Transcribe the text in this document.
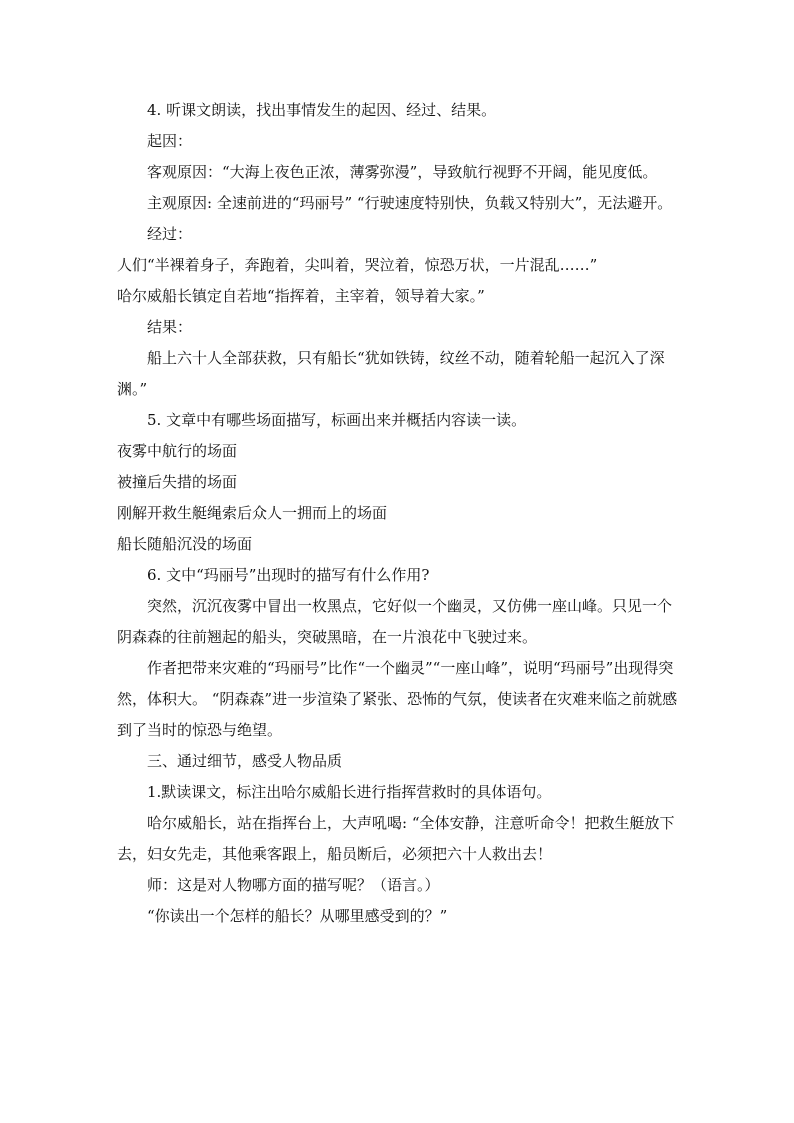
4. 听课文朗读，找出事情发生的起因、经过、结果。

起因：

客观原因：“大海上夜色正浓，薄雾弥漫”，导致航行视野不开阔，能见度低。

主观原因: 全速前进的“玛丽号” “行驶速度特别快，负载又特别大”，无法避开。

经过：

人们“半裸着身子，奔跑着，尖叫着，哭泣着，惊恐万状，一片混乱……”

哈尔威船长镇定自若地“指挥着，主宰着，领导着大家。”

结果：

船上六十人全部获救，只有船长“犹如铁铸，纹丝不动，随着轮船一起沉入了深渊。”

5. 文章中有哪些场面描写，标画出来并概括内容读一读。

夜雾中航行的场面

被撞后失措的场面

刚解开救生艇绳索后众人一拥而上的场面

船长随船沉没的场面

6. 文中“玛丽号”出现时的描写有什么作用?

突然，沉沉夜雾中冒出一枚黑点，它好似一个幽灵，又仿佛一座山峰。只见一个阴森森的往前翘起的船头，突破黑暗，在一片浪花中飞驶过来。

作者把带来灾难的“玛丽号”比作“一个幽灵”“一座山峰”，说明“玛丽号”出现得突然，体积大。 “阴森森”进一步渲染了紧张、恐怖的气氛，使读者在灾难来临之前就感到了当时的惊恐与绝望。

三、通过细节，感受人物品质

1.默读课文，标注出哈尔威船长进行指挥营救时的具体语句。

哈尔威船长，站在指挥台上，大声吼喝: “全体安静，注意听命令！把救生艇放下去，妇女先走，其他乘客跟上，船员断后，必须把六十人救出去！

师：这是对人物哪方面的描写呢？（语言。）

“你读出一个怎样的船长？从哪里感受到的？”
